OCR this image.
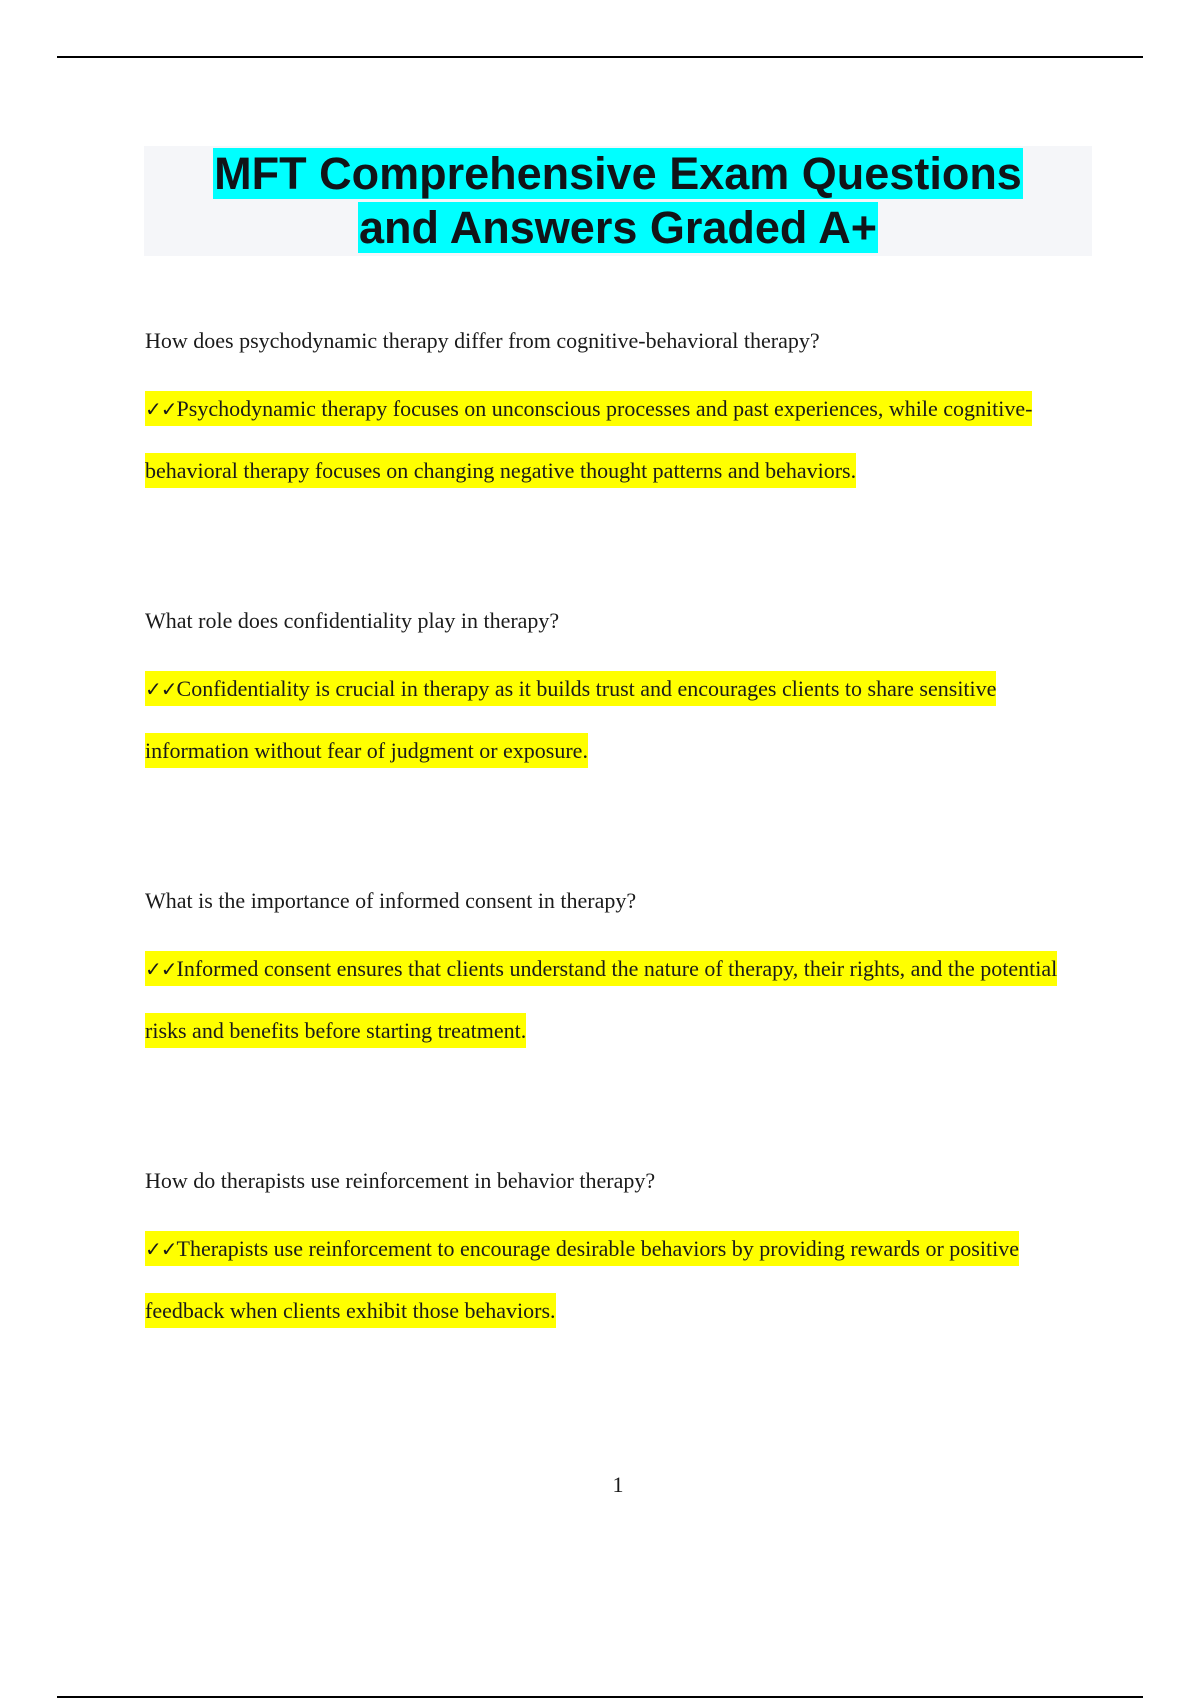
MFT Comprehensive Exam Questions
and Answers Graded A+

How does psychodynamic therapy differ from cognitive-behavioral therapy?

✓✓Psychodynamic therapy focuses on unconscious processes and past experiences, while cognitive-behavioral therapy focuses on changing negative thought patterns and behaviors.

What role does confidentiality play in therapy?

✓✓Confidentiality is crucial in therapy as it builds trust and encourages clients to share sensitive information without fear of judgment or exposure.

What is the importance of informed consent in therapy?

✓✓Informed consent ensures that clients understand the nature of therapy, their rights, and the potential risks and benefits before starting treatment.

How do therapists use reinforcement in behavior therapy?

✓✓Therapists use reinforcement to encourage desirable behaviors by providing rewards or positive feedback when clients exhibit those behaviors.

1
